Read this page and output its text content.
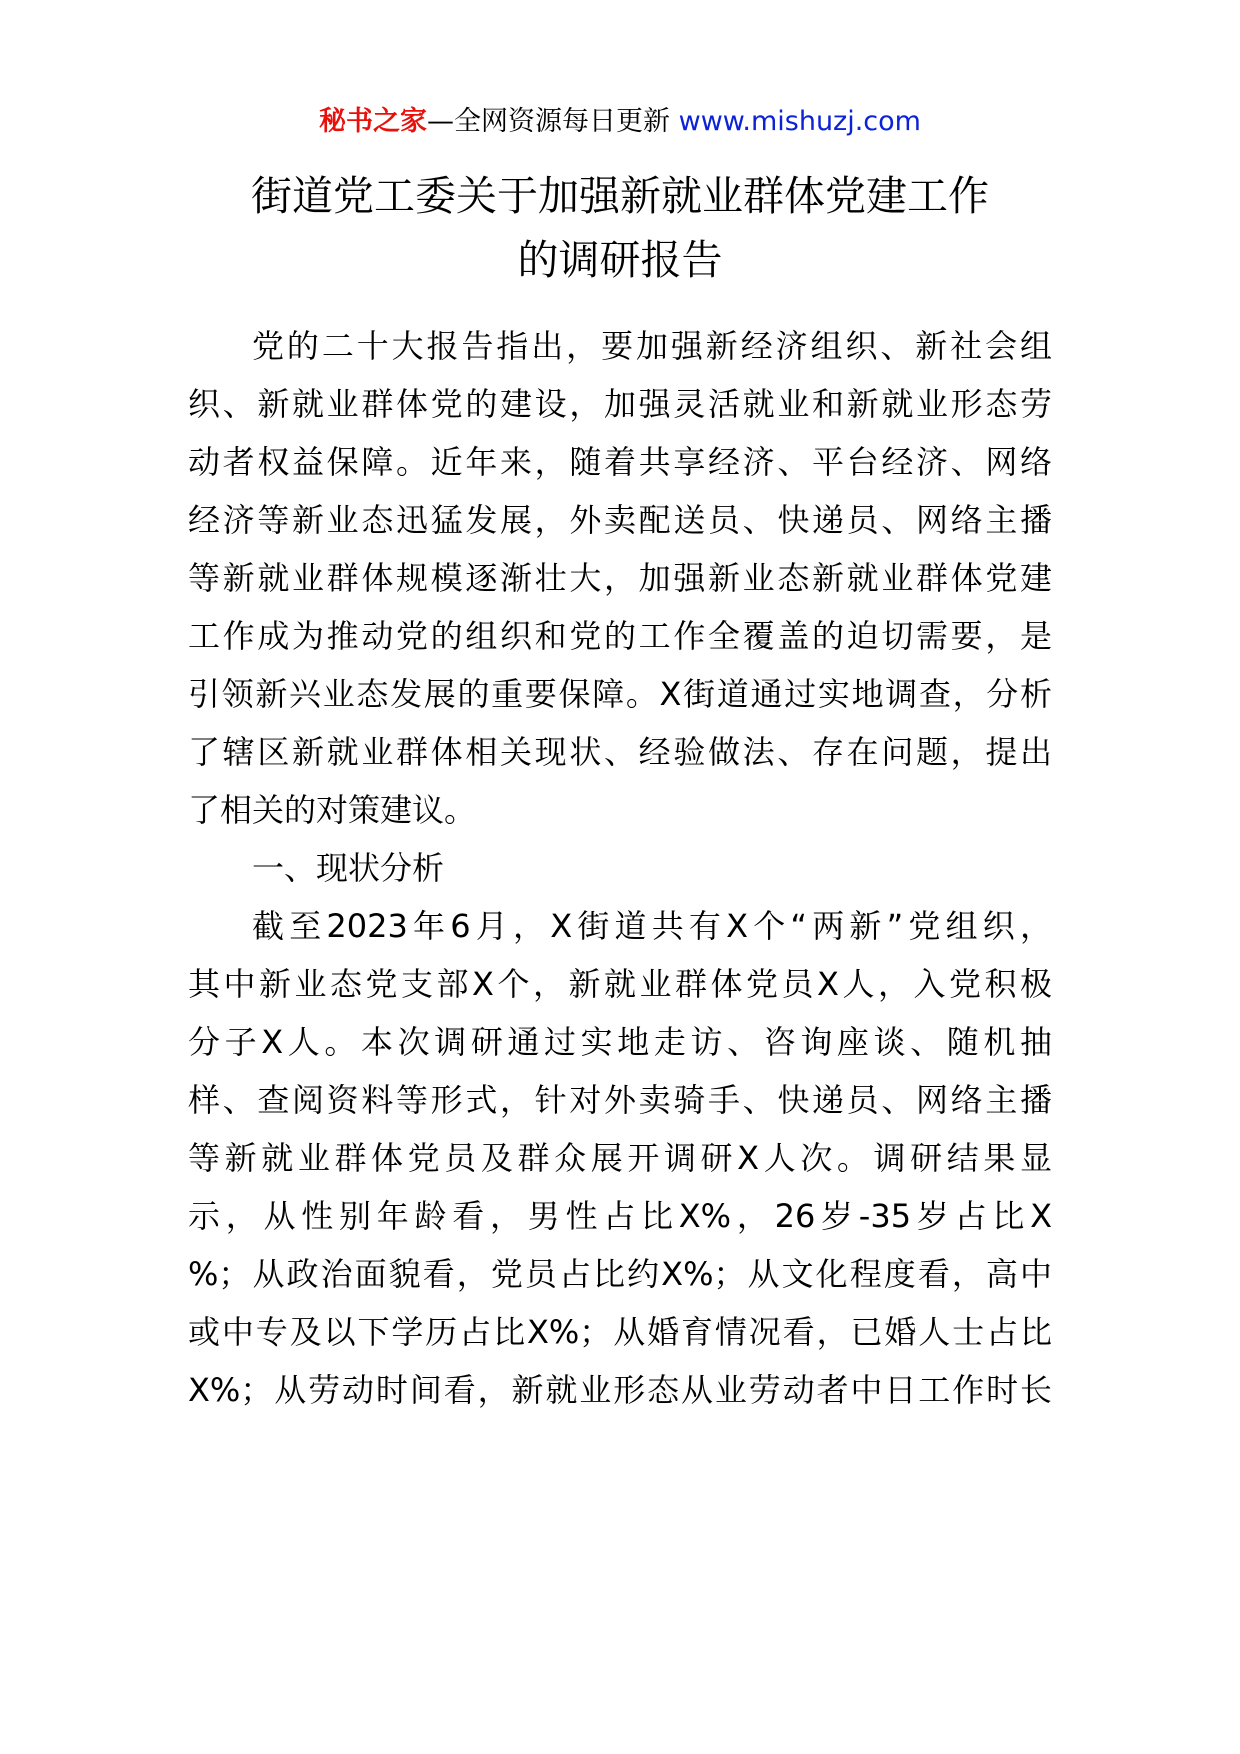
秘书之家—全网资源每日更新 www.mishuzj.com
街道党工委关于加强新就业群体党建工作
的调研报告
党的二十大报告指出，要加强新经济组织、新社会组
织、新就业群体党的建设，加强灵活就业和新就业形态劳
动者权益保障。近年来，随着共享经济、平台经济、网络
经济等新业态迅猛发展，外卖配送员、快递员、网络主播
等新就业群体规模逐渐壮大，加强新业态新就业群体党建
工作成为推动党的组织和党的工作全覆盖的迫切需要，是
引领新兴业态发展的重要保障。X街道通过实地调查，分析
了辖区新就业群体相关现状、经验做法、存在问题，提出
了相关的对策建议。
一、现状分析
截至2023年6月，X街道共有X个“两新”党组织，
其中新业态党支部X个，新就业群体党员X人，入党积极
分子X人。本次调研通过实地走访、咨询座谈、随机抽
样、查阅资料等形式，针对外卖骑手、快递员、网络主播
等新就业群体党员及群众展开调研X人次。调研结果显
示，从性别年龄看，男性占比X%，26岁-35岁占比X
%；从政治面貌看，党员占比约X%；从文化程度看，高中
或中专及以下学历占比X%；从婚育情况看，已婚人士占比
X%；从劳动时间看，新就业形态从业劳动者中日工作时长
